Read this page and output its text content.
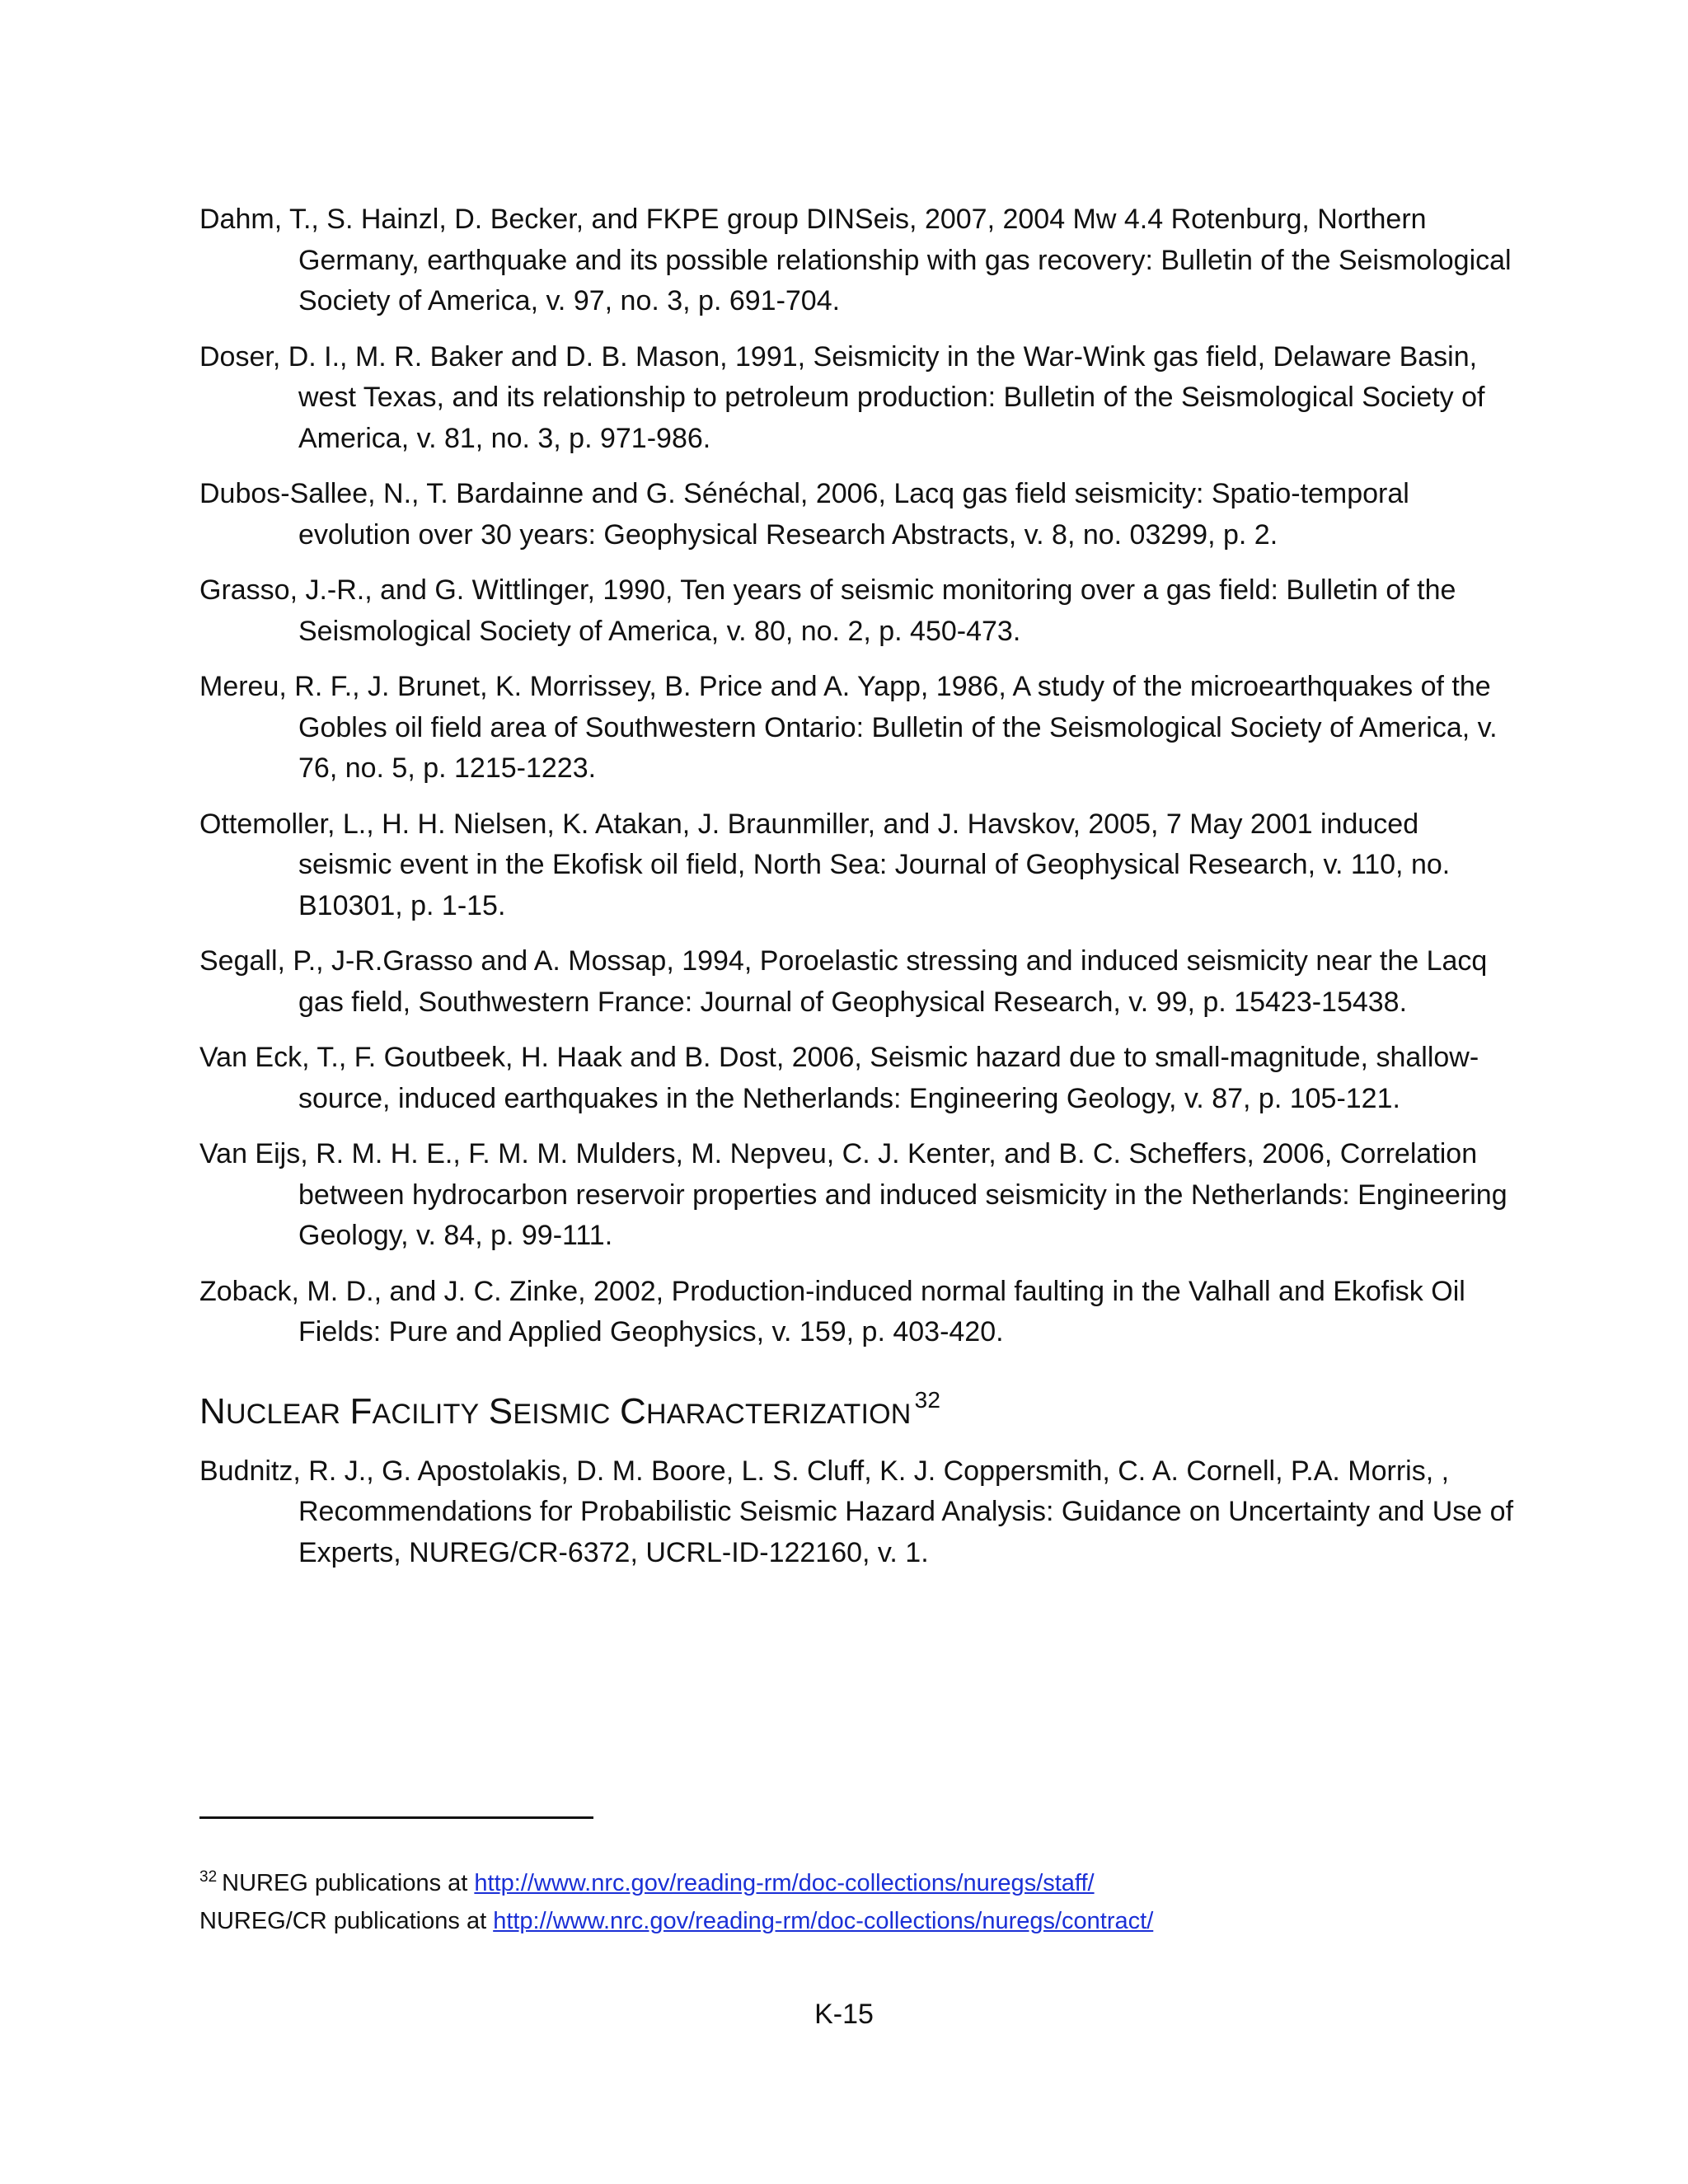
Dahm, T., S. Hainzl, D. Becker, and FKPE group DINSeis, 2007, 2004 Mw 4.4 Rotenburg, Northern Germany, earthquake and its possible relationship with gas recovery: Bulletin of the Seismological Society of America, v. 97, no. 3, p. 691-704.

Doser, D. I., M. R. Baker and D. B. Mason, 1991, Seismicity in the War-Wink gas field, Delaware Basin, west Texas, and its relationship to petroleum production: Bulletin of the Seismological Society of America, v. 81, no. 3, p. 971-986.

Dubos-Sallee, N., T. Bardainne and G. Sénéchal, 2006, Lacq gas field seismicity: Spatio-temporal evolution over 30 years: Geophysical Research Abstracts, v. 8, no. 03299, p. 2.

Grasso, J.-R., and G. Wittlinger, 1990, Ten years of seismic monitoring over a gas field: Bulletin of the Seismological Society of America, v. 80, no. 2, p. 450-473.

Mereu, R. F., J. Brunet, K. Morrissey, B. Price and A. Yapp, 1986, A study of the microearthquakes of the Gobles oil field area of Southwestern Ontario: Bulletin of the Seismological Society of America, v. 76, no. 5, p. 1215-1223.

Ottemoller, L., H. H. Nielsen, K. Atakan, J. Braunmiller, and J. Havskov, 2005, 7 May 2001 induced seismic event in the Ekofisk oil field, North Sea: Journal of Geophysical Research, v. 110, no. B10301, p. 1-15.

Segall, P., J-R.Grasso and A. Mossap, 1994, Poroelastic stressing and induced seismicity near the Lacq gas field, Southwestern France: Journal of Geophysical Research, v. 99, p. 15423-15438.

Van Eck, T., F. Goutbeek, H. Haak and B. Dost, 2006, Seismic hazard due to small-magnitude, shallow-source, induced earthquakes in the Netherlands: Engineering Geology, v. 87, p. 105-121.

Van Eijs, R. M. H. E., F. M. M. Mulders, M. Nepveu, C. J. Kenter, and B. C. Scheffers, 2006, Correlation between hydrocarbon reservoir properties and induced seismicity in the Netherlands: Engineering Geology, v. 84, p. 99-111.

Zoback, M. D., and J. C. Zinke, 2002, Production-induced normal faulting in the Valhall and Ekofisk Oil Fields: Pure and Applied Geophysics, v. 159, p. 403-420.

NUCLEAR FACILITY SEISMIC CHARACTERIZATION $^{32}$

Budnitz, R. J., G. Apostolakis, D. M. Boore, L. S. Cluff, K. J. Coppersmith, C. A. Cornell, P.A. Morris, , Recommendations for Probabilistic Seismic Hazard Analysis: Guidance on Uncertainty and Use of Experts, NUREG/CR-6372, UCRL-ID-122160, v. 1.

$^{32}$ NUREG publications at http://www.nrc.gov/reading-rm/doc-collections/nuregs/staff/

NUREG/CR publications at http://www.nrc.gov/reading-rm/doc-collections/nuregs/contract/

K-15
